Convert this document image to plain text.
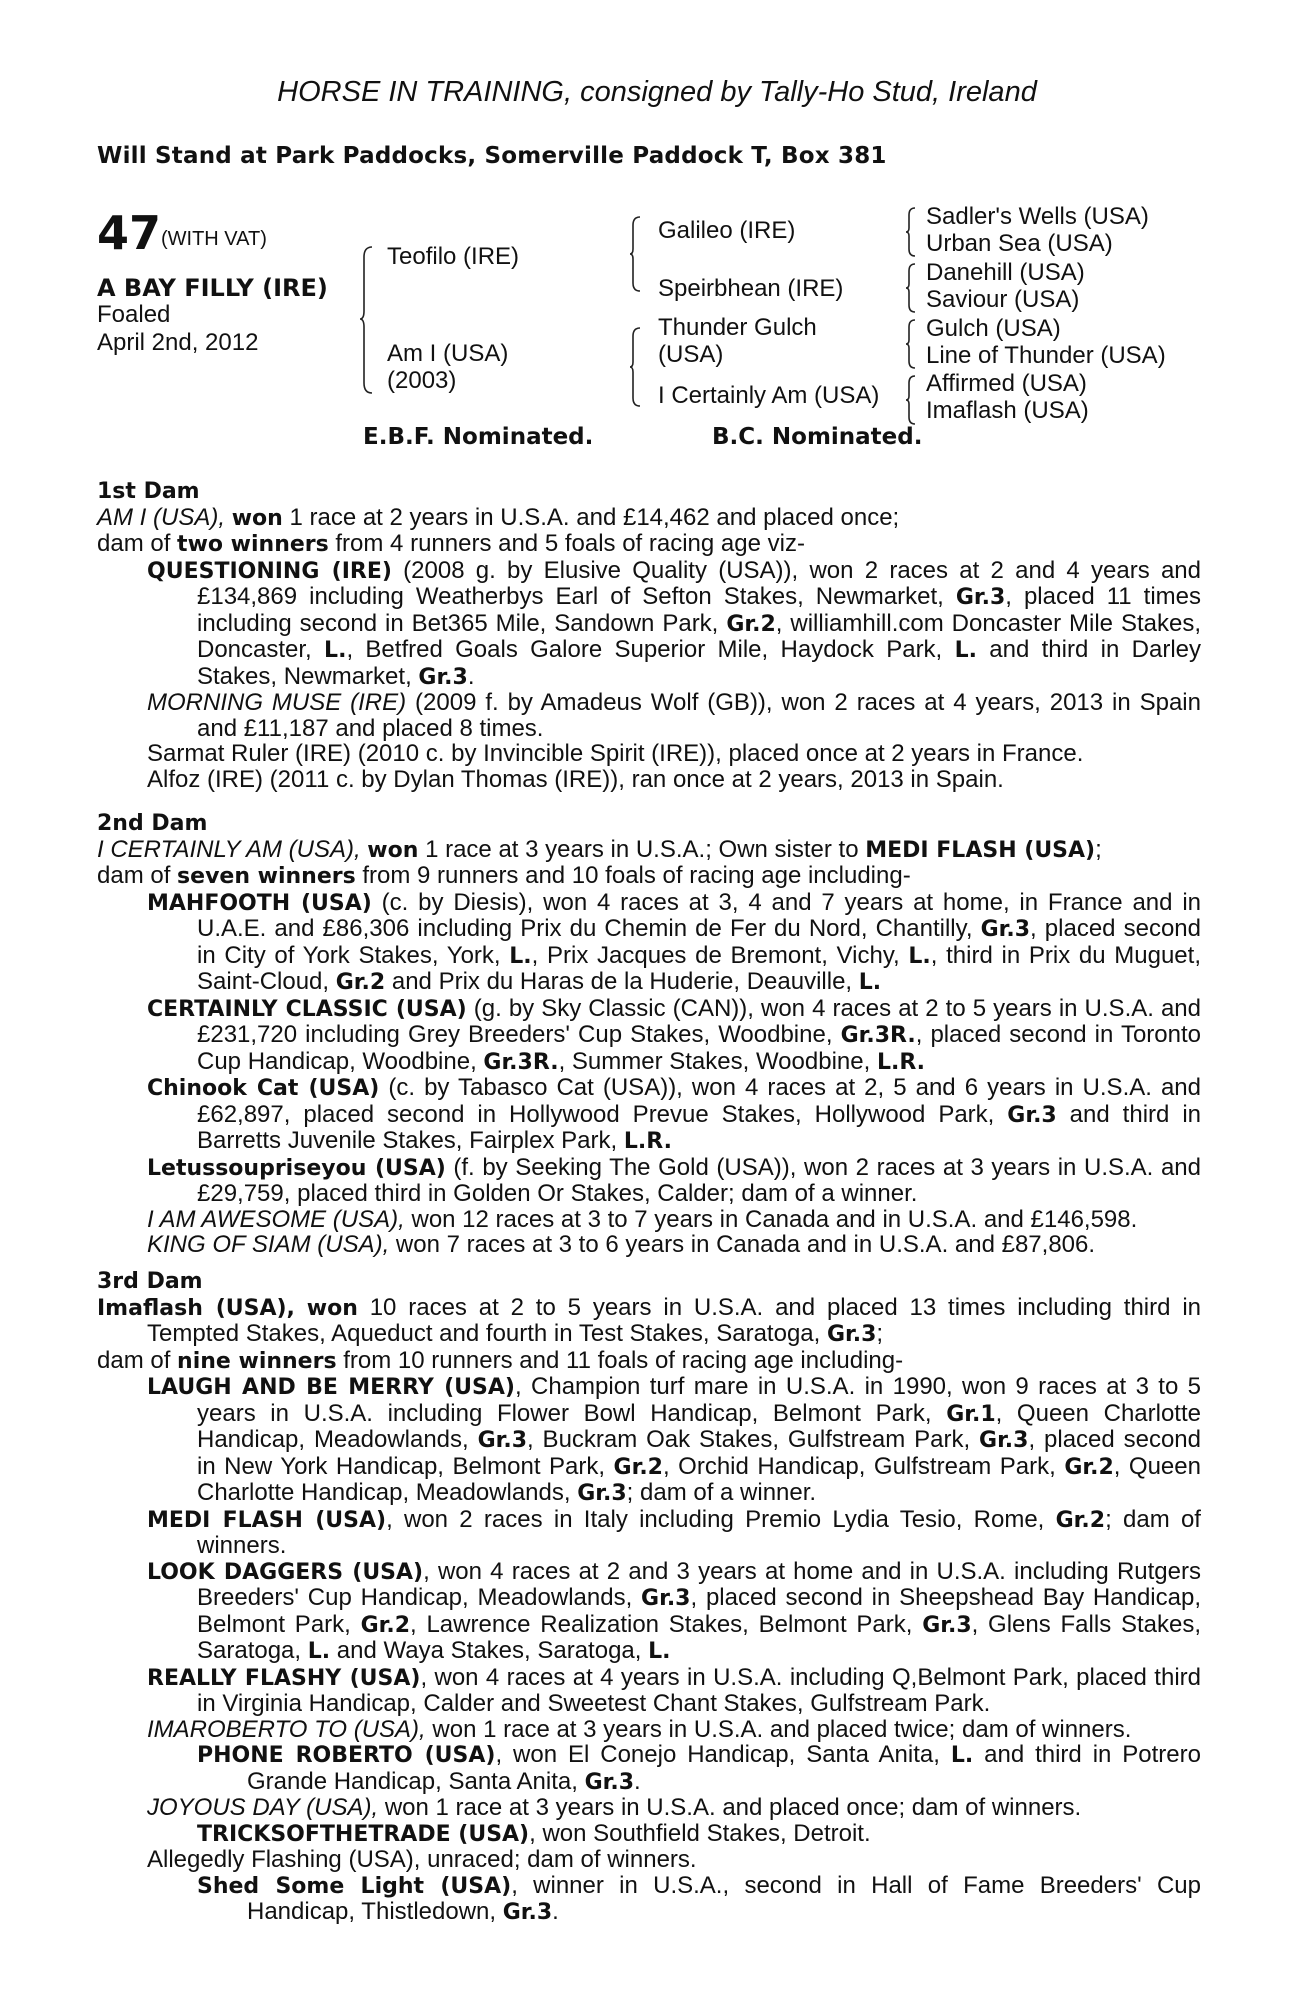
HORSE IN TRAINING, consigned by Tally-Ho Stud, Ireland
Will Stand at Park Paddocks, Somerville Paddock T, Box 381
47 (WITH VAT)
A BAY FILLY (IRE)
Foaled
April 2nd, 2012
Teofilo (IRE)
Am I (USA)
(2003)
Galileo (IRE)
Speirbhean (IRE)
Thunder Gulch
(USA)
I Certainly Am (USA)
Sadler's Wells (USA)
Urban Sea (USA)
Danehill (USA)
Saviour (USA)
Gulch (USA)
Line of Thunder (USA)
Affirmed (USA)
Imaflash (USA)
E.B.F. Nominated.	B.C. Nominated.
1st Dam
AM I (USA), won 1 race at 2 years in U.S.A. and £14,462 and placed once;
dam of two winners from 4 runners and 5 foals of racing age viz-
QUESTIONING (IRE) (2008 g. by Elusive Quality (USA)), won 2 races at 2 and 4 years and £134,869 including Weatherbys Earl of Sefton Stakes, Newmarket, Gr.3, placed 11 times including second in Bet365 Mile, Sandown Park, Gr.2, williamhill.com Doncaster Mile Stakes, Doncaster, L., Betfred Goals Galore Superior Mile, Haydock Park, L. and third in Darley Stakes, Newmarket, Gr.3.
MORNING MUSE (IRE) (2009 f. by Amadeus Wolf (GB)), won 2 races at 4 years, 2013 in Spain and £11,187 and placed 8 times.
Sarmat Ruler (IRE) (2010 c. by Invincible Spirit (IRE)), placed once at 2 years in France.
Alfoz (IRE) (2011 c. by Dylan Thomas (IRE)), ran once at 2 years, 2013 in Spain.
2nd Dam
I CERTAINLY AM (USA), won 1 race at 3 years in U.S.A.; Own sister to MEDI FLASH (USA);
dam of seven winners from 9 runners and 10 foals of racing age including-
MAHFOOTH (USA) (c. by Diesis), won 4 races at 3, 4 and 7 years at home, in France and in U.A.E. and £86,306 including Prix du Chemin de Fer du Nord, Chantilly, Gr.3, placed second in City of York Stakes, York, L., Prix Jacques de Bremont, Vichy, L., third in Prix du Muguet, Saint-Cloud, Gr.2 and Prix du Haras de la Huderie, Deauville, L.
CERTAINLY CLASSIC (USA) (g. by Sky Classic (CAN)), won 4 races at 2 to 5 years in U.S.A. and £231,720 including Grey Breeders' Cup Stakes, Woodbine, Gr.3R., placed second in Toronto Cup Handicap, Woodbine, Gr.3R., Summer Stakes, Woodbine, L.R.
Chinook Cat (USA) (c. by Tabasco Cat (USA)), won 4 races at 2, 5 and 6 years in U.S.A. and £62,897, placed second in Hollywood Prevue Stakes, Hollywood Park, Gr.3 and third in Barretts Juvenile Stakes, Fairplex Park, L.R.
Letussoupriseyou (USA) (f. by Seeking The Gold (USA)), won 2 races at 3 years in U.S.A. and £29,759, placed third in Golden Or Stakes, Calder; dam of a winner.
I AM AWESOME (USA), won 12 races at 3 to 7 years in Canada and in U.S.A. and £146,598.
KING OF SIAM (USA), won 7 races at 3 to 6 years in Canada and in U.S.A. and £87,806.
3rd Dam
Imaflash (USA), won 10 races at 2 to 5 years in U.S.A. and placed 13 times including third in Tempted Stakes, Aqueduct and fourth in Test Stakes, Saratoga, Gr.3;
dam of nine winners from 10 runners and 11 foals of racing age including-
LAUGH AND BE MERRY (USA), Champion turf mare in U.S.A. in 1990, won 9 races at 3 to 5 years in U.S.A. including Flower Bowl Handicap, Belmont Park, Gr.1, Queen Charlotte Handicap, Meadowlands, Gr.3, Buckram Oak Stakes, Gulfstream Park, Gr.3, placed second in New York Handicap, Belmont Park, Gr.2, Orchid Handicap, Gulfstream Park, Gr.2, Queen Charlotte Handicap, Meadowlands, Gr.3; dam of a winner.
MEDI FLASH (USA), won 2 races in Italy including Premio Lydia Tesio, Rome, Gr.2; dam of winners.
LOOK DAGGERS (USA), won 4 races at 2 and 3 years at home and in U.S.A. including Rutgers Breeders' Cup Handicap, Meadowlands, Gr.3, placed second in Sheepshead Bay Handicap, Belmont Park, Gr.2, Lawrence Realization Stakes, Belmont Park, Gr.3, Glens Falls Stakes, Saratoga, L. and Waya Stakes, Saratoga, L.
REALLY FLASHY (USA), won 4 races at 4 years in U.S.A. including Q,Belmont Park, placed third in Virginia Handicap, Calder and Sweetest Chant Stakes, Gulfstream Park.
IMAROBERTO TO (USA), won 1 race at 3 years in U.S.A. and placed twice; dam of winners.
PHONE ROBERTO (USA), won El Conejo Handicap, Santa Anita, L. and third in Potrero Grande Handicap, Santa Anita, Gr.3.
JOYOUS DAY (USA), won 1 race at 3 years in U.S.A. and placed once; dam of winners.
TRICKSOFTHETRADE (USA), won Southfield Stakes, Detroit.
Allegedly Flashing (USA), unraced; dam of winners.
Shed Some Light (USA), winner in U.S.A., second in Hall of Fame Breeders' Cup Handicap, Thistledown, Gr.3.
